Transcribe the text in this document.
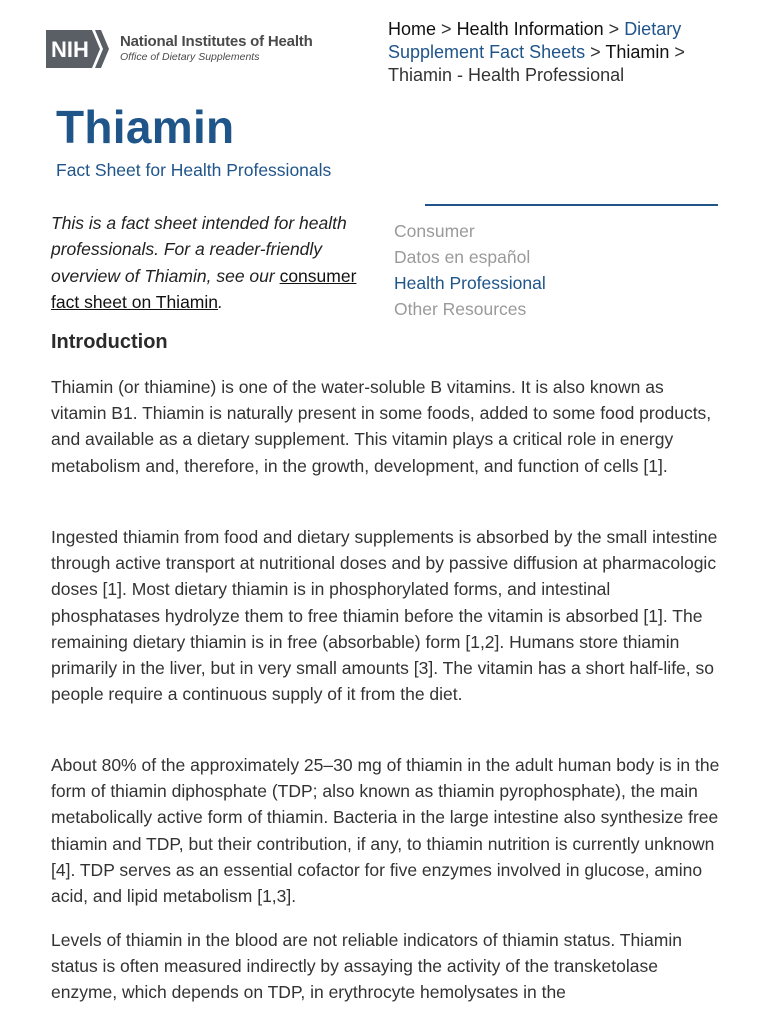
NIH National Institutes of Health
Office of Dietary Supplements
Home > Health Information > Dietary Supplement Fact Sheets > Thiamin > Thiamin - Health Professional
Thiamin
Fact Sheet for Health Professionals
Consumer
Datos en español
Health Professional
Other Resources

This is a fact sheet intended for health professionals. For a reader-friendly overview of Thiamin, see our consumer fact sheet on Thiamin.

Introduction

Thiamin (or thiamine) is one of the water-soluble B vitamins. It is also known as vitamin B1. Thiamin is naturally present in some foods, added to some food products, and available as a dietary supplement. This vitamin plays a critical role in energy metabolism and, therefore, in the growth, development, and function of cells [1].

Ingested thiamin from food and dietary supplements is absorbed by the small intestine through active transport at nutritional doses and by passive diffusion at pharmacologic doses [1]. Most dietary thiamin is in phosphorylated forms, and intestinal phosphatases hydrolyze them to free thiamin before the vitamin is absorbed [1]. The remaining dietary thiamin is in free (absorbable) form [1,2]. Humans store thiamin primarily in the liver, but in very small amounts [3]. The vitamin has a short half-life, so people require a continuous supply of it from the diet.

About 80% of the approximately 25–30 mg of thiamin in the adult human body is in the form of thiamin diphosphate (TDP; also known as thiamin pyrophosphate), the main metabolically active form of thiamin. Bacteria in the large intestine also synthesize free thiamin and TDP, but their contribution, if any, to thiamin nutrition is currently unknown [4]. TDP serves as an essential cofactor for five enzymes involved in glucose, amino acid, and lipid metabolism [1,3].

Levels of thiamin in the blood are not reliable indicators of thiamin status. Thiamin status is often measured indirectly by assaying the activity of the transketolase enzyme, which depends on TDP, in erythrocyte hemolysates in the
